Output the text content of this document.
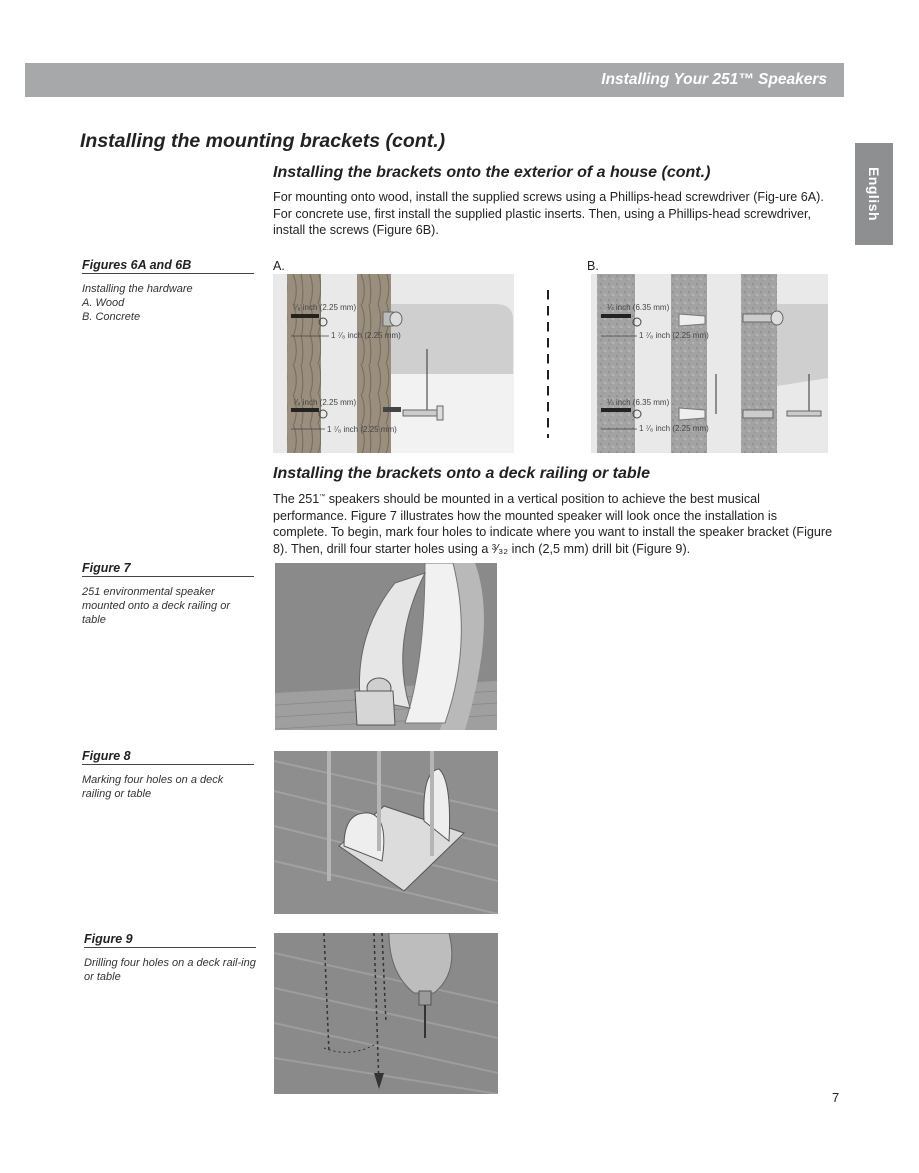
Installing Your 251™ Speakers
English
Installing the mounting brackets (cont.)
Installing the brackets onto the exterior of a house (cont.)
For mounting onto wood, install the supplied screws using a Phillips-head screwdriver (Fig-ure 6A). For concrete use, first install the supplied plastic inserts. Then, using a Phillips-head screwdriver, install the screws (Figure 6B).
Figures 6A and 6B
Installing the hardware
A. Wood
B. Concrete
A.	B.
⁷⁄₈ inch (2.25 mm)
1 ⁷⁄₈ inch (2.25 mm)
⁷⁄₈ inch (2.25 mm)
1 ⁷⁄₈ inch (2.25 mm)
¼ inch (6.35 mm)
1 ⁷⁄₈ inch (2.25 mm)
¼ inch (6.35 mm)
1 ⁷⁄₈ inch (2.25 mm)
Installing the brackets onto a deck railing or table
The 251™ speakers should be mounted in a vertical position to achieve the best musical performance. Figure 7 illustrates how the mounted speaker will look once the installation is complete. To begin, mark four holes to indicate where you want to install the speaker bracket (Figure 8). Then, drill four starter holes using a ³⁄₃₂ inch (2,5 mm) drill bit (Figure 9).
Figure 7
251 environmental speaker mounted onto a deck railing or table
Figure 8
Marking four holes on a deck railing or table
Figure 9
Drilling four holes on a deck rail-ing or table
7
